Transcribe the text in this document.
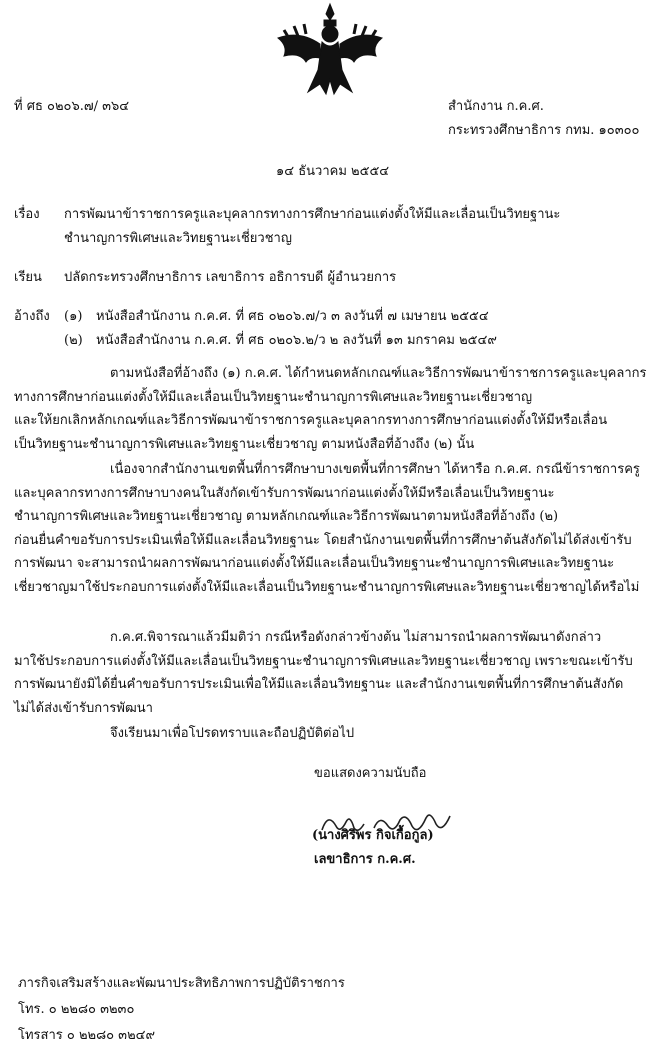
ที่ ศธ ๐๒๐๖.๗/ ๓๖๔	สำนักงาน ก.ค.ศ.
กระทรวงศึกษาธิการ กทม. ๑๐๓๐๐
๑๔ ธันวาคม ๒๕๕๔
เรื่อง การพัฒนาข้าราชการครูและบุคลากรทางการศึกษาก่อนแต่งตั้งให้มีและเลื่อนเป็นวิทยฐานะ
ชำนาญการพิเศษและวิทยฐานะเชี่ยวชาญ
เรียน ปลัดกระทรวงศึกษาธิการ เลขาธิการ อธิการบดี ผู้อำนวยการ
อ้างถึง (๑) หนังสือสำนักงาน ก.ค.ศ. ที่ ศธ ๐๒๐๖.๗/ว ๓ ลงวันที่ ๗ เมษายน ๒๕๕๔
(๒) หนังสือสำนักงาน ก.ค.ศ. ที่ ศธ ๐๒๐๖.๒/ว ๒ ลงวันที่ ๑๓ มกราคม ๒๕๔๙
ตามหนังสือที่อ้างถึง (๑) ก.ค.ศ. ได้กำหนดหลักเกณฑ์และวิธีการพัฒนาข้าราชการครูและบุคลากร
ทางการศึกษาก่อนแต่งตั้งให้มีและเลื่อนเป็นวิทยฐานะชำนาญการพิเศษและวิทยฐานะเชี่ยวชาญ
และให้ยกเลิกหลักเกณฑ์และวิธีการพัฒนาข้าราชการครูและบุคลากรทางการศึกษาก่อนแต่งตั้งให้มีหรือเลื่อน
เป็นวิทยฐานะชำนาญการพิเศษและวิทยฐานะเชี่ยวชาญ ตามหนังสือที่อ้างถึง (๒) นั้น
เนื่องจากสำนักงานเขตพื้นที่การศึกษาบางเขตพื้นที่การศึกษา ได้หารือ ก.ค.ศ. กรณีข้าราชการครู
และบุคลากรทางการศึกษาบางคนในสังกัดเข้ารับการพัฒนาก่อนแต่งตั้งให้มีหรือเลื่อนเป็นวิทยฐานะ
ชำนาญการพิเศษและวิทยฐานะเชี่ยวชาญ ตามหลักเกณฑ์และวิธีการพัฒนาตามหนังสือที่อ้างถึง (๒)
ก่อนยื่นคำขอรับการประเมินเพื่อให้มีและเลื่อนวิทยฐานะ โดยสำนักงานเขตพื้นที่การศึกษาต้นสังกัดไม่ได้ส่งเข้ารับ
การพัฒนา จะสามารถนำผลการพัฒนาก่อนแต่งตั้งให้มีและเลื่อนเป็นวิทยฐานะชำนาญการพิเศษและวิทยฐานะ
เชี่ยวชาญมาใช้ประกอบการแต่งตั้งให้มีและเลื่อนเป็นวิทยฐานะชำนาญการพิเศษและวิทยฐานะเชี่ยวชาญได้หรือไม่
ก.ค.ศ.พิจารณาแล้วมีมติว่า กรณีหรือดังกล่าวข้างต้น ไม่สามารถนำผลการพัฒนาดังกล่าว
มาใช้ประกอบการแต่งตั้งให้มีและเลื่อนเป็นวิทยฐานะชำนาญการพิเศษและวิทยฐานะเชี่ยวชาญ เพราะขณะเข้ารับ
การพัฒนายังมิได้ยื่นคำขอรับการประเมินเพื่อให้มีและเลื่อนวิทยฐานะ และสำนักงานเขตพื้นที่การศึกษาต้นสังกัด
ไม่ได้ส่งเข้ารับการพัฒนา
จึงเรียนมาเพื่อโปรดทราบและถือปฏิบัติต่อไป
ขอแสดงความนับถือ
(นางศิริพร กิจเกื้อกูล)
เลขาธิการ ก.ค.ศ.
ภารกิจเสริมสร้างและพัฒนาประสิทธิภาพการปฏิบัติราชการ
โทร. ๐ ๒๒๘๐ ๓๒๓๐
โทรสาร ๐ ๒๒๘๐ ๓๒๔๙
